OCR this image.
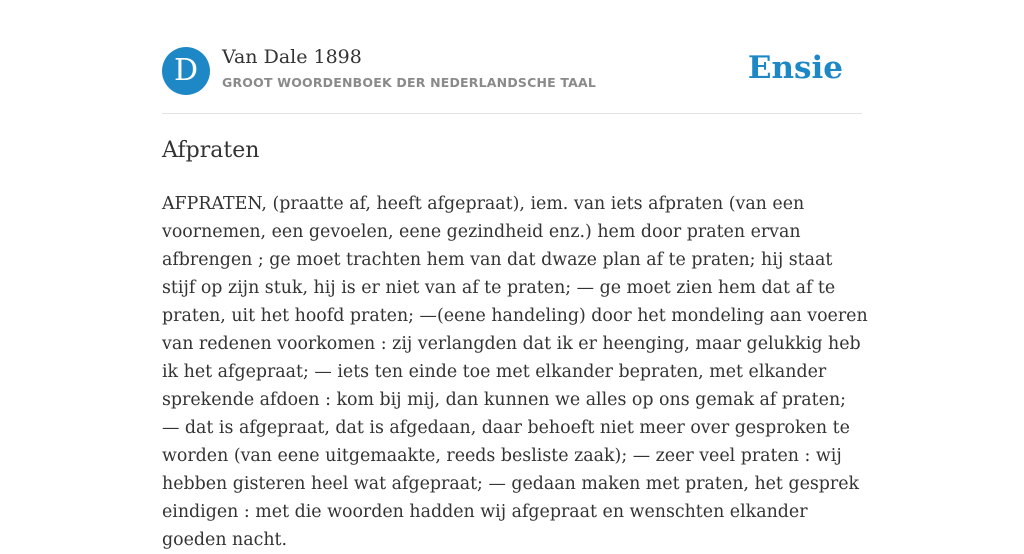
D	Van Dale 1898
GROOT WOORDENBOEK DER NEDERLANDSCHE TAAL	Ensie
Afpraten

AFPRATEN, (praatte af, heeft afgepraat), iem. van iets afpraten (van een voornemen, een gevoelen, eene gezindheid enz.) hem door praten ervan afbrengen ; ge moet trachten hem van dat dwaze plan af te praten; hij staat stijf op zijn stuk, hij is er niet van af te praten; — ge moet zien hem dat af te praten, uit het hoofd praten; —(eene handeling) door het mondeling aan voeren van redenen voorkomen : zij verlangden dat ik er heenging, maar gelukkig heb ik het afgepraat; — iets ten einde toe met elkander bepraten, met elkander sprekende afdoen : kom bij mij, dan kunnen we alles op ons gemak af praten; — dat is afgepraat, dat is afgedaan, daar behoeft niet meer over gesproken te worden (van eene uitgemaakte, reeds besliste zaak); — zeer veel praten : wij hebben gisteren heel wat afgepraat; — gedaan maken met praten, het gesprek eindigen : met die woorden hadden wij afgepraat en wenschten elkander goeden nacht.
